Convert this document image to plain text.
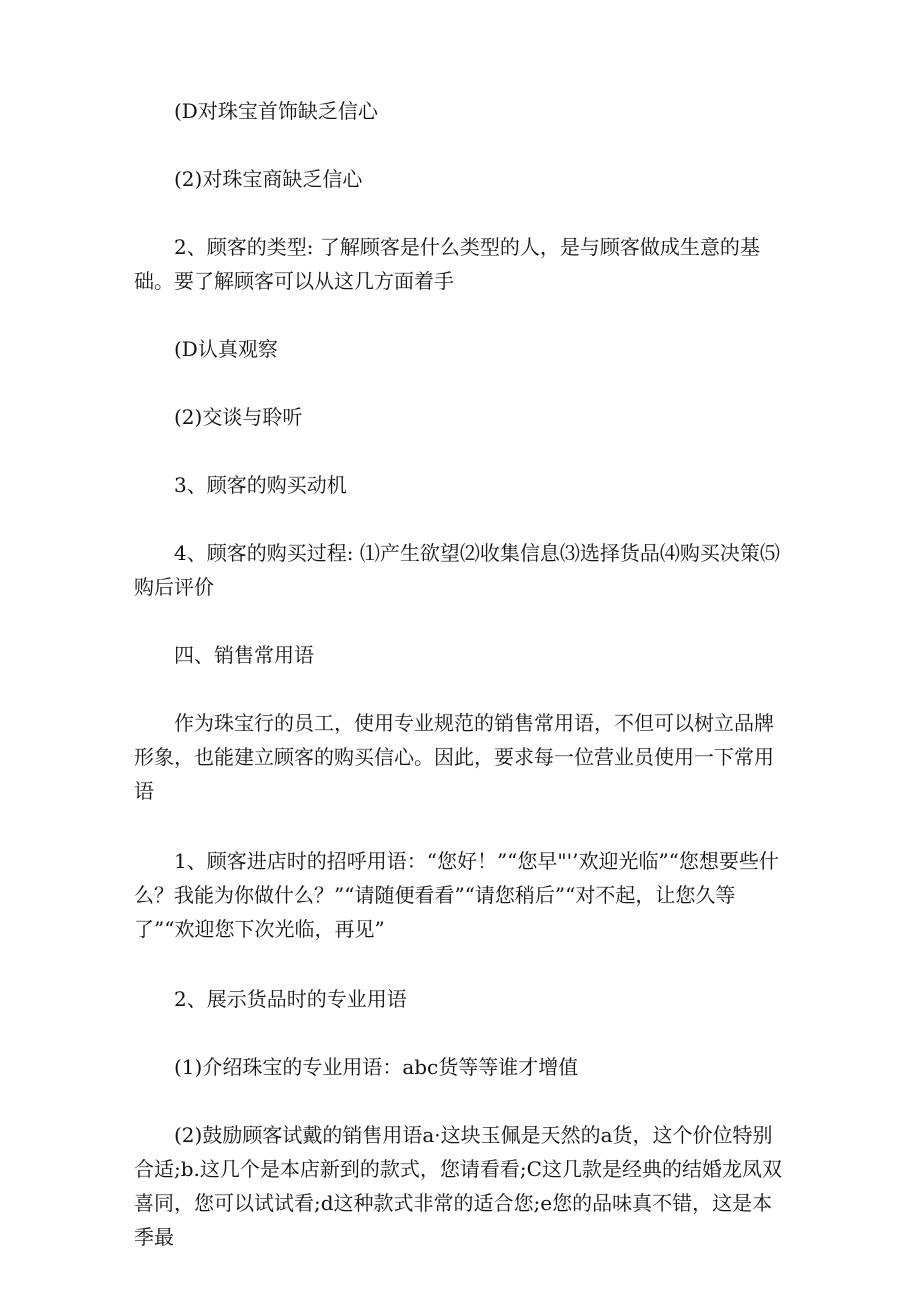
(D对珠宝首饰缺乏信心

(2)对珠宝商缺乏信心

2、顾客的类型: 了解顾客是什么类型的人，是与顾客做成生意的基础。要了解顾客可以从这几方面着手

(D认真观察

(2)交谈与聆听

3、顾客的购买动机

4、顾客的购买过程: ⑴产生欲望⑵收集信息⑶选择货品⑷购买决策⑸购后评价

四、销售常用语

作为珠宝行的员工，使用专业规范的销售常用语，不但可以树立品牌形象，也能建立顾客的购买信心。因此，要求每一位营业员使用一下常用语

1、顾客进店时的招呼用语：“您好！”“您早"'’欢迎光临”“您想要些什么？我能为你做什么？”“请随便看看”“请您稍后”“对不起，让您久等了”“欢迎您下次光临，再见”

2、展示货品时的专业用语

(1)介绍珠宝的专业用语：abc货等等谁才增值

(2)鼓励顾客试戴的销售用语a·这块玉佩是天然的a货，这个价位特别合适;b.这几个是本店新到的款式，您请看看;C这几款是经典的结婚龙凤双喜同，您可以试试看;d这种款式非常的适合您;e您的品味真不错，这是本季最
